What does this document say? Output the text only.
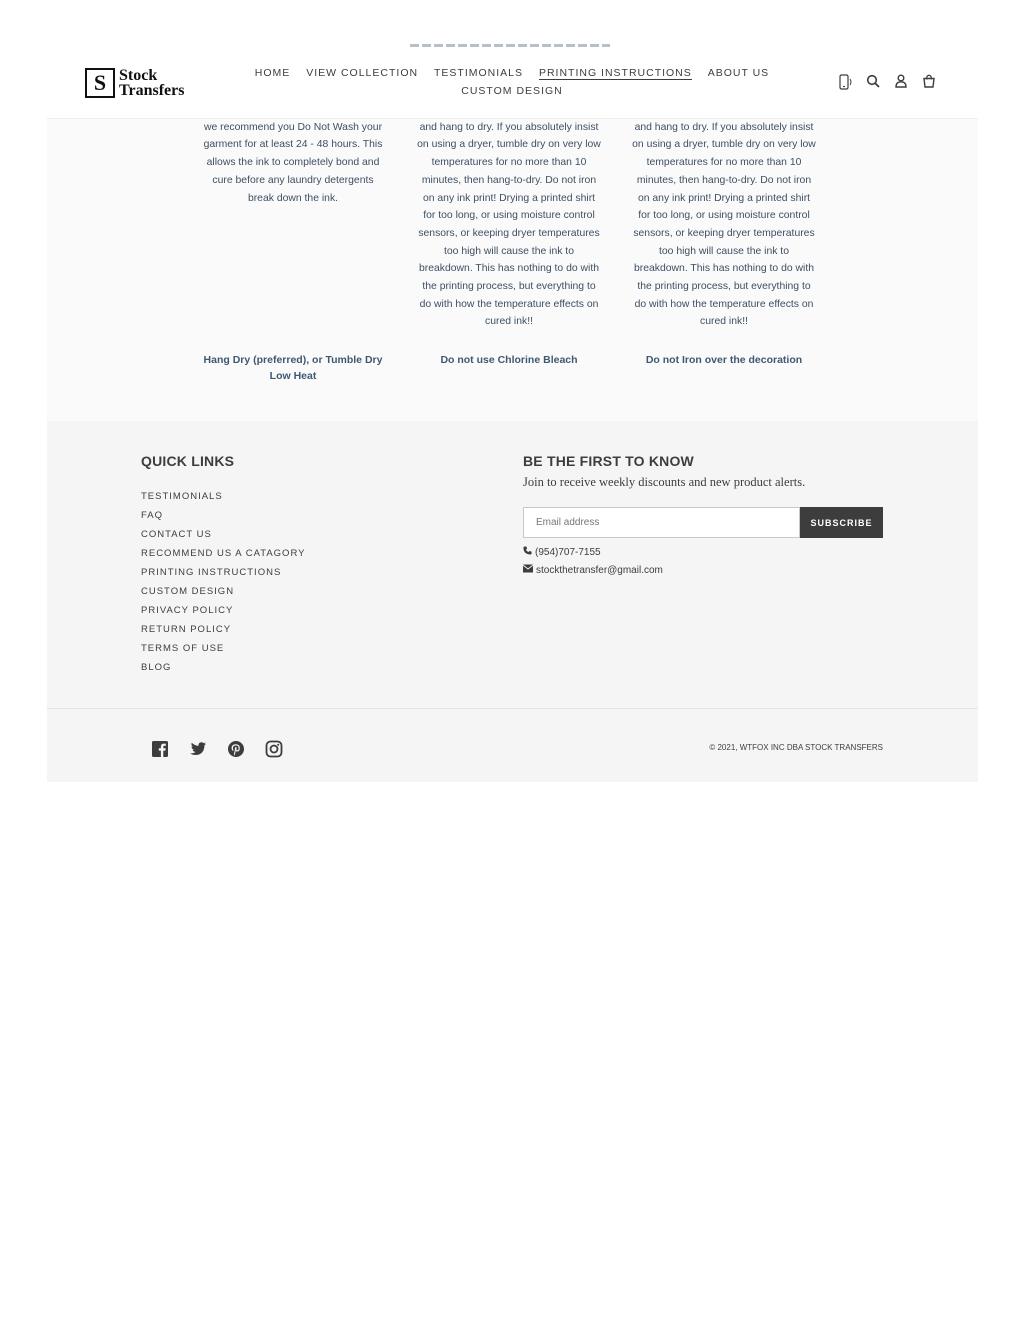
we recommend you Do Not Wash your garment for at least 24 - 48 hours. This allows the ink to completely bond and cure before any laundry detergents break down the ink.

Hang Dry (preferred), or Tumble Dry Low Heat

and hang to dry. If you absolutely insist on using a dryer, tumble dry on very low temperatures for no more than 10 minutes, then hang-to-dry. Do not iron on any ink print! Drying a printed shirt for too long, or using moisture control sensors, or keeping dryer temperatures too high will cause the ink to breakdown. This has nothing to do with the printing process, but everything to do with how the temperature effects on cured ink!!

Do not use Chlorine Bleach

and hang to dry. If you absolutely insist on using a dryer, tumble dry on very low temperatures for no more than 10 minutes, then hang-to-dry. Do not iron on any ink print! Drying a printed shirt for too long, or using moisture control sensors, or keeping dryer temperatures too high will cause the ink to breakdown. This has nothing to do with the printing process, but everything to do with how the temperature effects on cured ink!!

Do not Iron over the decoration
S Stock
Transfers
HOME VIEW COLLECTION TESTIMONIALS PRINTING INSTRUCTIONS ABOUT US
CUSTOM DESIGN
QUICK LINKS
TESTIMONIALS
FAQ
CONTACT US
RECOMMEND US A CATAGORY
PRINTING INSTRUCTIONS
CUSTOM DESIGN
PRIVACY POLICY
RETURN POLICY
TERMS OF USE
BLOG
BE THE FIRST TO KNOW
Join to receive weekly discounts and new product alerts.
Email address
SUBSCRIBE
(954)707-7155
stockthetransfer@gmail.com
© 2021, WTFOX INC DBA STOCK TRANSFERS
